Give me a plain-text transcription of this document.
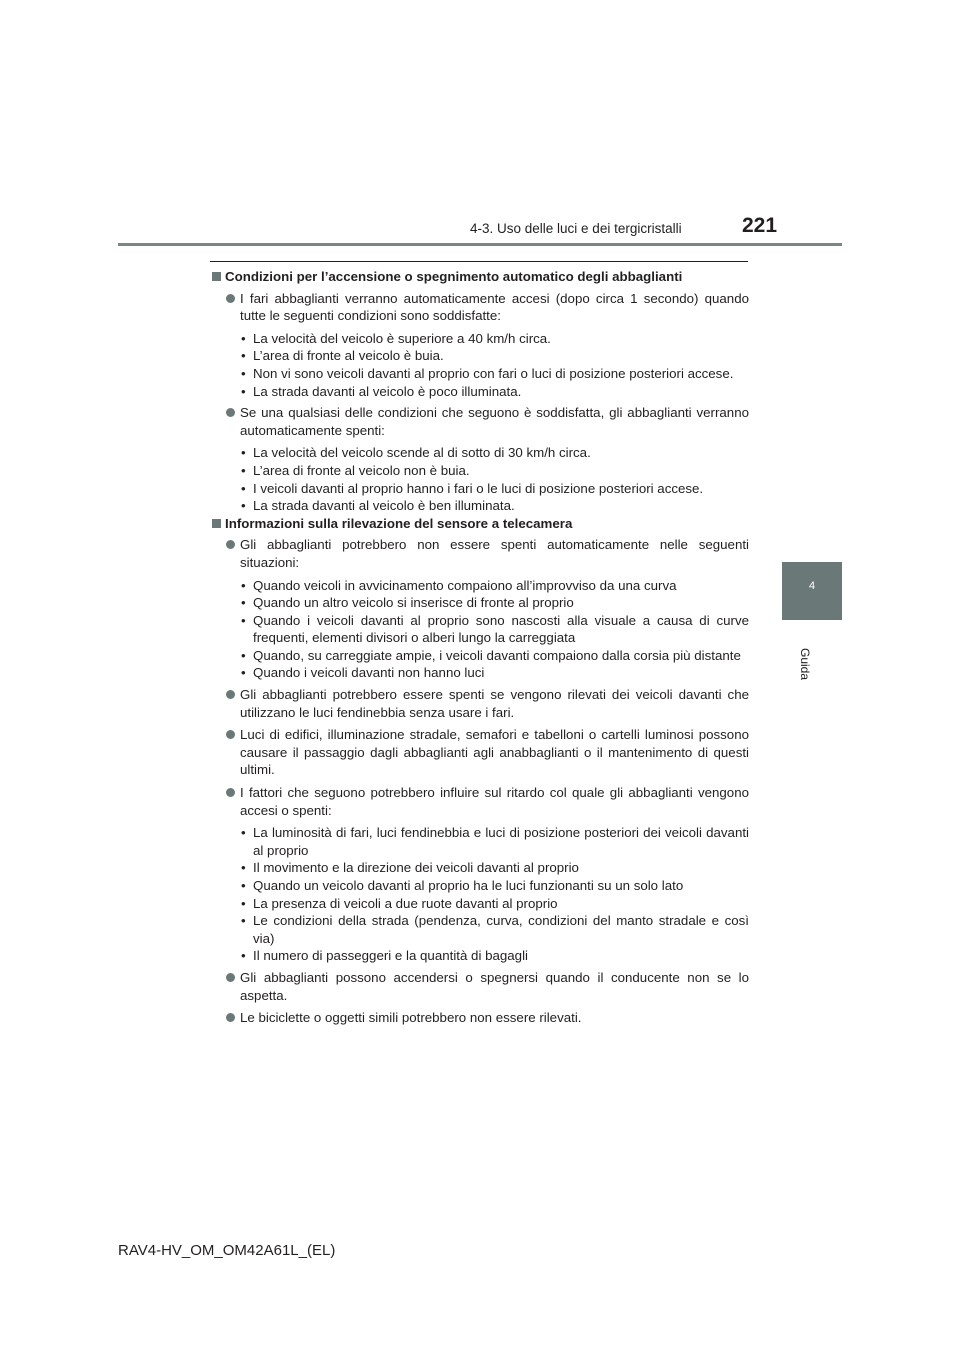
4-3. Uso delle luci e dei tergicristalli	221
4
Guida
Condizioni per l’accensione o spegnimento automatico degli abbaglianti
I fari abbaglianti verranno automaticamente accesi (dopo circa 1 secondo) quando tutte le seguenti condizioni sono soddisfatte:
• La velocità del veicolo è superiore a 40 km/h circa.
• L’area di fronte al veicolo è buia.
• Non vi sono veicoli davanti al proprio con fari o luci di posizione posteriori accese.
• La strada davanti al veicolo è poco illuminata.
Se una qualsiasi delle condizioni che seguono è soddisfatta, gli abbaglianti verranno automaticamente spenti:
• La velocità del veicolo scende al di sotto di 30 km/h circa.
• L’area di fronte al veicolo non è buia.
• I veicoli davanti al proprio hanno i fari o le luci di posizione posteriori accese.
• La strada davanti al veicolo è ben illuminata.
Informazioni sulla rilevazione del sensore a telecamera
Gli abbaglianti potrebbero non essere spenti automaticamente nelle seguenti situazioni:
• Quando veicoli in avvicinamento compaiono all’improvviso da una curva
• Quando un altro veicolo si inserisce di fronte al proprio
• Quando i veicoli davanti al proprio sono nascosti alla visuale a causa di curve frequenti, elementi divisori o alberi lungo la carreggiata
• Quando, su carreggiate ampie, i veicoli davanti compaiono dalla corsia più distante
• Quando i veicoli davanti non hanno luci
Gli abbaglianti potrebbero essere spenti se vengono rilevati dei veicoli davanti che utilizzano le luci fendinebbia senza usare i fari.
Luci di edifici, illuminazione stradale, semafori e tabelloni o cartelli luminosi possono causare il passaggio dagli abbaglianti agli anabbaglianti o il mantenimento di questi ultimi.
I fattori che seguono potrebbero influire sul ritardo col quale gli abbaglianti vengono accesi o spenti:
• La luminosità di fari, luci fendinebbia e luci di posizione posteriori dei veicoli davanti al proprio
• Il movimento e la direzione dei veicoli davanti al proprio
• Quando un veicolo davanti al proprio ha le luci funzionanti su un solo lato
• La presenza di veicoli a due ruote davanti al proprio
• Le condizioni della strada (pendenza, curva, condizioni del manto stradale e così via)
• Il numero di passeggeri e la quantità di bagagli
Gli abbaglianti possono accendersi o spegnersi quando il conducente non se lo aspetta.
Le biciclette o oggetti simili potrebbero non essere rilevati.
RAV4-HV_OM_OM42A61L_(EL)
